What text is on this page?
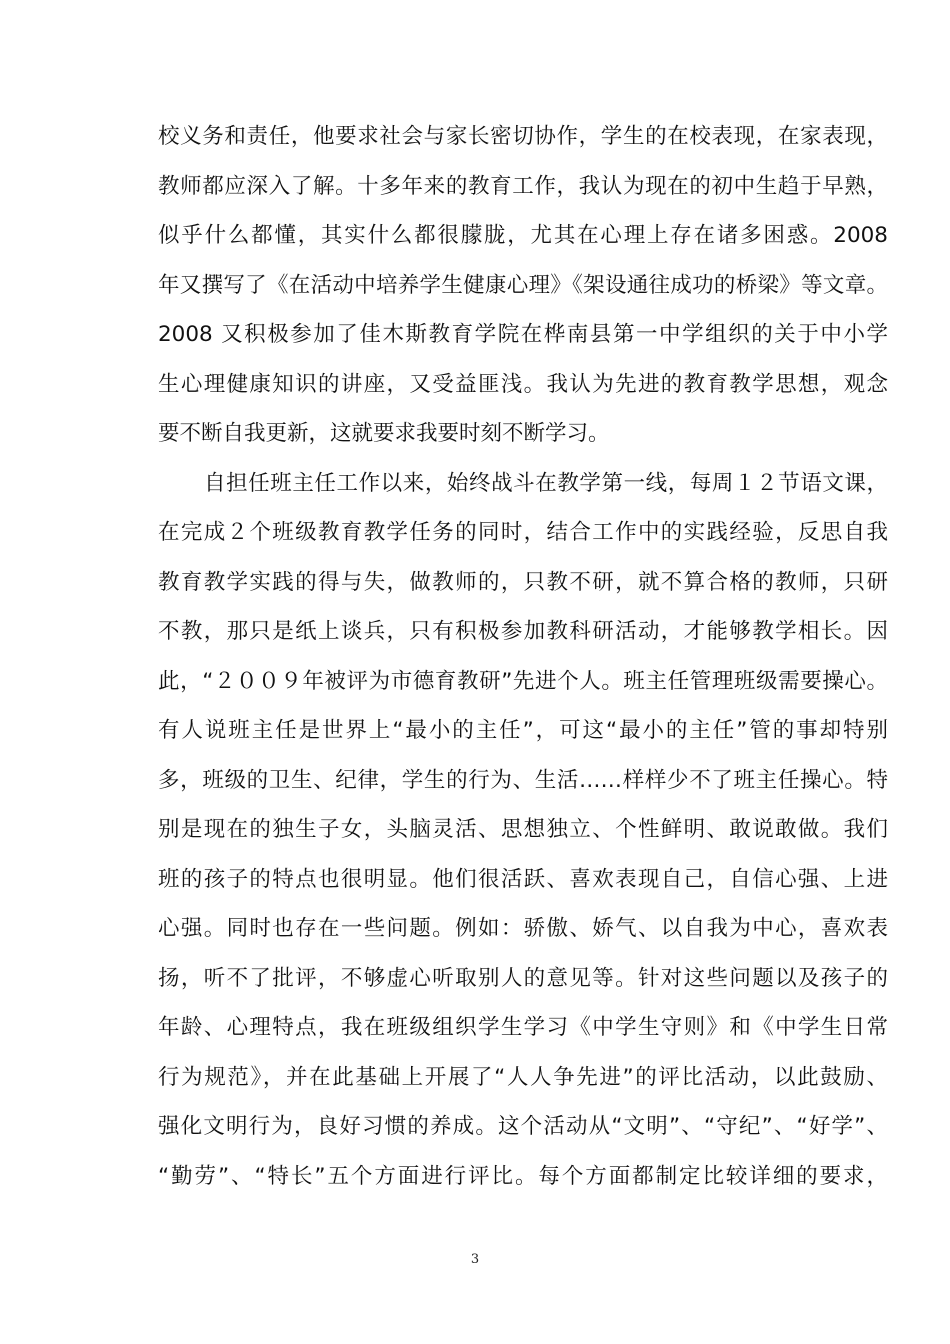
校义务和责任，他要求社会与家长密切协作，学生的在校表现，在家表现，
教师都应深入了解。十多年来的教育工作，我认为现在的初中生趋于早熟，
似乎什么都懂，其实什么都很朦胧，尤其在心理上存在诸多困惑。2008
年又撰写了《在活动中培养学生健康心理》《架设通往成功的桥梁》等文章。
2008 又积极参加了佳木斯教育学院在桦南县第一中学组织的关于中小学
生心理健康知识的讲座，又受益匪浅。我认为先进的教育教学思想，观念
要不断自我更新，这就要求我要时刻不断学习。
自担任班主任工作以来，始终战斗在教学第一线，每周１２节语文课，
在完成２个班级教育教学任务的同时，结合工作中的实践经验，反思自我
教育教学实践的得与失，做教师的，只教不研，就不算合格的教师，只研
不教，那只是纸上谈兵，只有积极参加教科研活动，才能够教学相长。因
此，“２００９年被评为市德育教研”先进个人。班主任管理班级需要操心。
有人说班主任是世界上“最小的主任”，可这“最小的主任”管的事却特别
多，班级的卫生、纪律，学生的行为、生活……样样少不了班主任操心。特
别是现在的独生子女，头脑灵活、思想独立、个性鲜明、敢说敢做。我们
班的孩子的特点也很明显。他们很活跃、喜欢表现自己，自信心强、上进
心强。同时也存在一些问题。例如：骄傲、娇气、以自我为中心，喜欢表
扬，听不了批评，不够虚心听取别人的意见等。针对这些问题以及孩子的
年龄、心理特点，我在班级组织学生学习《中学生守则》和《中学生日常
行为规范》，并在此基础上开展了“人人争先进”的评比活动，以此鼓励、
强化文明行为，良好习惯的养成。这个活动从“文明”、“守纪”、“好学”、
“勤劳”、“特长”五个方面进行评比。每个方面都制定比较详细的要求，
3
